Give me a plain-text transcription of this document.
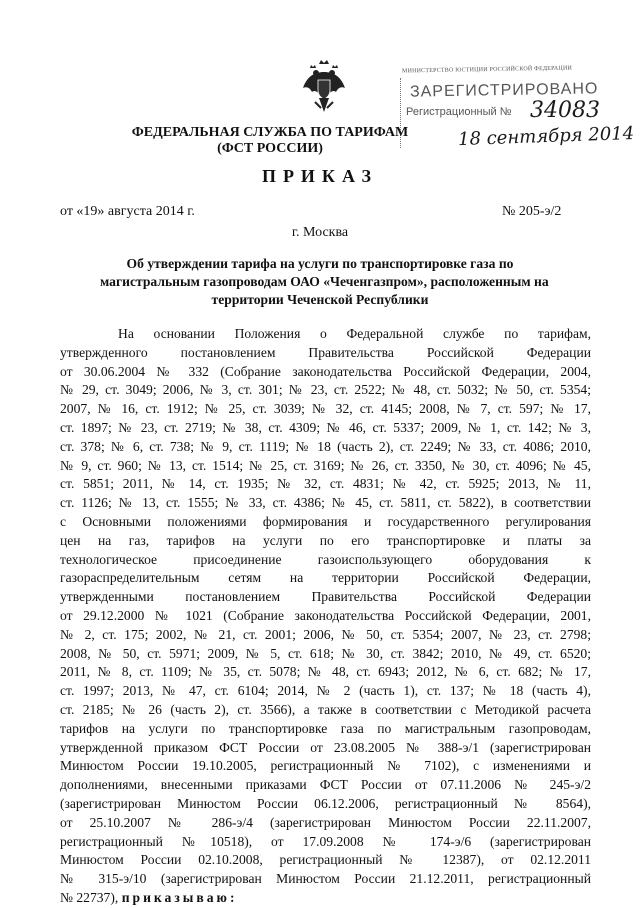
МИНИСТЕРСТВО ЮСТИЦИИ РОССИЙСКОЙ ФЕДЕРАЦИИ
ЗАРЕГИСТРИРОВАНО
Регистрационный № 34083
18 сентября 2014
ФЕДЕРАЛЬНАЯ СЛУЖБА ПО ТАРИФАМ
(ФСТ РОССИИ)
ПРИКАЗ
от «19» августа 2014 г.	№ 205-э/2
г. Москва
Об утверждении тарифа на услуги по транспортировке газа по
магистральным газопроводам ОАО «Чеченгазпром», расположенным на
территории Чеченской Республики
На основании Положения о Федеральной службе по тарифам,
утвержденного постановлением Правительства Российской Федерации
от 30.06.2004 № 332 (Собрание законодательства Российской Федерации, 2004,
№ 29, ст. 3049; 2006, № 3, ст. 301; № 23, ст. 2522; № 48, ст. 5032; № 50, ст. 5354;
2007, № 16, ст. 1912; № 25, ст. 3039; № 32, ст. 4145; 2008, № 7, ст. 597; № 17,
ст. 1897; № 23, ст. 2719; № 38, ст. 4309; № 46, ст. 5337; 2009, № 1, ст. 142; № 3,
ст. 378; № 6, ст. 738; № 9, ст. 1119; № 18 (часть 2), ст. 2249; № 33, ст. 4086; 2010,
№ 9, ст. 960; № 13, ст. 1514; № 25, ст. 3169; № 26, ст. 3350, № 30, ст. 4096; № 45,
ст. 5851; 2011, № 14, ст. 1935; № 32, ст. 4831; № 42, ст. 5925; 2013, № 11,
ст. 1126; № 13, ст. 1555; № 33, ст. 4386; № 45, ст. 5811, ст. 5822), в соответствии
с Основными положениями формирования и государственного регулирования
цен на газ, тарифов на услуги по его транспортировке и платы за
технологическое присоединение газоиспользующего оборудования к
газораспределительным сетям на территории Российской Федерации,
утвержденными постановлением Правительства Российской Федерации
от 29.12.2000 № 1021 (Собрание законодательства Российской Федерации, 2001,
№ 2, ст. 175; 2002, № 21, ст. 2001; 2006, № 50, ст. 5354; 2007, № 23, ст. 2798;
2008, № 50, ст. 5971; 2009, № 5, ст. 618; № 30, ст. 3842; 2010, № 49, ст. 6520;
2011, № 8, ст. 1109; № 35, ст. 5078; № 48, ст. 6943; 2012, № 6, ст. 682; № 17,
ст. 1997; 2013, № 47, ст. 6104; 2014, № 2 (часть 1), ст. 137; № 18 (часть 4),
ст. 2185; № 26 (часть 2), ст. 3566), а также в соответствии с Методикой расчета
тарифов на услуги по транспортировке газа по магистральным газопроводам,
утвержденной приказом ФСТ России от 23.08.2005 № 388-э/1 (зарегистрирован
Минюстом России 19.10.2005, регистрационный № 7102), с изменениями и
дополнениями, внесенными приказами ФСТ России от 07.11.2006 № 245-э/2
(зарегистрирован Минюстом России 06.12.2006, регистрационный № 8564),
от 25.10.2007 № 286-э/4 (зарегистрирован Минюстом России 22.11.2007,
регистрационный №10518), от 17.09.2008 № 174-э/6 (зарегистрирован
Минюстом России 02.10.2008, регистрационный № 12387), от 02.12.2011
№ 315-э/10 (зарегистрирован Минюстом России 21.12.2011, регистрационный
№ 22737), приказываю:
